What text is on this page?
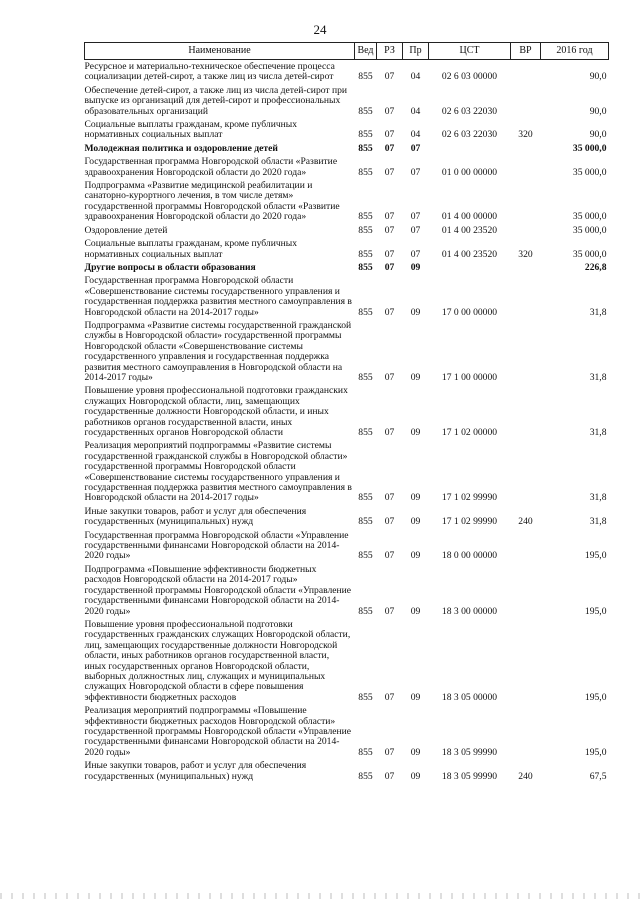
24
Наименование	Вед	РЗ	Пр	ЦСТ	ВР	2016 год
Ресурсное и материально-техническое обеспечение процесса социализации детей-сирот, а также лиц из числа детей-сирот	855	07	04	02 6 03 00000		90,0
Обеспечение детей-сирот, а также лиц из числа детей-сирот при выпуске из организаций для детей-сирот и профессиональных образовательных организаций	855	07	04	02 6 03 22030		90,0
Социальные выплаты гражданам, кроме публичных нормативных социальных выплат	855	07	04	02 6 03 22030	320	90,0
Молодежная политика и оздоровление детей	855	07	07			35 000,0
Государственная программа Новгородской области «Развитие здравоохранения Новгородской области до 2020 года»	855	07	07	01 0 00 00000		35 000,0
Подпрограмма «Развитие медицинской реабилитации и санаторно-курортного лечения, в том числе детям» государственной программы Новгородской области «Развитие здравоохранения Новгородской области до 2020 года»	855	07	07	01 4 00 00000		35 000,0
Оздоровление детей	855	07	07	01 4 00 23520		35 000,0
Социальные выплаты гражданам, кроме публичных нормативных социальных выплат	855	07	07	01 4 00 23520	320	35 000,0
Другие вопросы в области образования	855	07	09			226,8
Государственная программа Новгородской области «Совершенствование системы государственного управления и государственная поддержка развития местного самоуправления в Новгородской области на 2014-2017 годы»	855	07	09	17 0 00 00000		31,8
Подпрограмма «Развитие системы государственной гражданской службы в Новгородской области» государственной программы Новгородской области «Совершенствование системы государственного управления и государственная поддержка развития местного самоуправления в Новгородской области на 2014-2017 годы»	855	07	09	17 1 00 00000		31,8
Повышение уровня профессиональной подготовки гражданских служащих Новгородской области, лиц, замещающих государственные должности Новгородской области, и иных работников органов государственной власти, иных государственных органов Новгородской области	855	07	09	17 1 02 00000		31,8
Реализация мероприятий подпрограммы «Развитие системы государственной гражданской службы в Новгородской области» государственной программы Новгородской области «Совершенствование системы государственного управления и государственная поддержка развития местного самоуправления в Новгородской области на 2014-2017 годы»	855	07	09	17 1 02 99990		31,8
Иные закупки товаров, работ и услуг для обеспечения государственных (муниципальных) нужд	855	07	09	17 1 02 99990	240	31,8
Государственная программа Новгородской области «Управление государственными финансами Новгородской области на 2014-2020 годы»	855	07	09	18 0 00 00000		195,0
Подпрограмма «Повышение эффективности бюджетных расходов Новгородской области на 2014-2017 годы» государственной программы Новгородской области «Управление государственными финансами Новгородской области на 2014-2020 годы»	855	07	09	18 3 00 00000		195,0
Повышение уровня профессиональной подготовки государственных гражданских служащих Новгородской области, лиц, замещающих государственные должности Новгородской области, иных работников органов государственной власти, иных государственных органов Новгородской области, выборных должностных лиц, служащих и муниципальных служащих Новгородской области в сфере повышения эффективности бюджетных расходов	855	07	09	18 3 05 00000		195,0
Реализация мероприятий подпрограммы «Повышение эффективности бюджетных расходов Новгородской области» государственной программы Новгородской области «Управление государственными финансами Новгородской области на 2014-2020 годы»	855	07	09	18 3 05 99990		195,0
Иные закупки товаров, работ и услуг для обеспечения государственных (муниципальных) нужд	855	07	09	18 3 05 99990	240	67,5
